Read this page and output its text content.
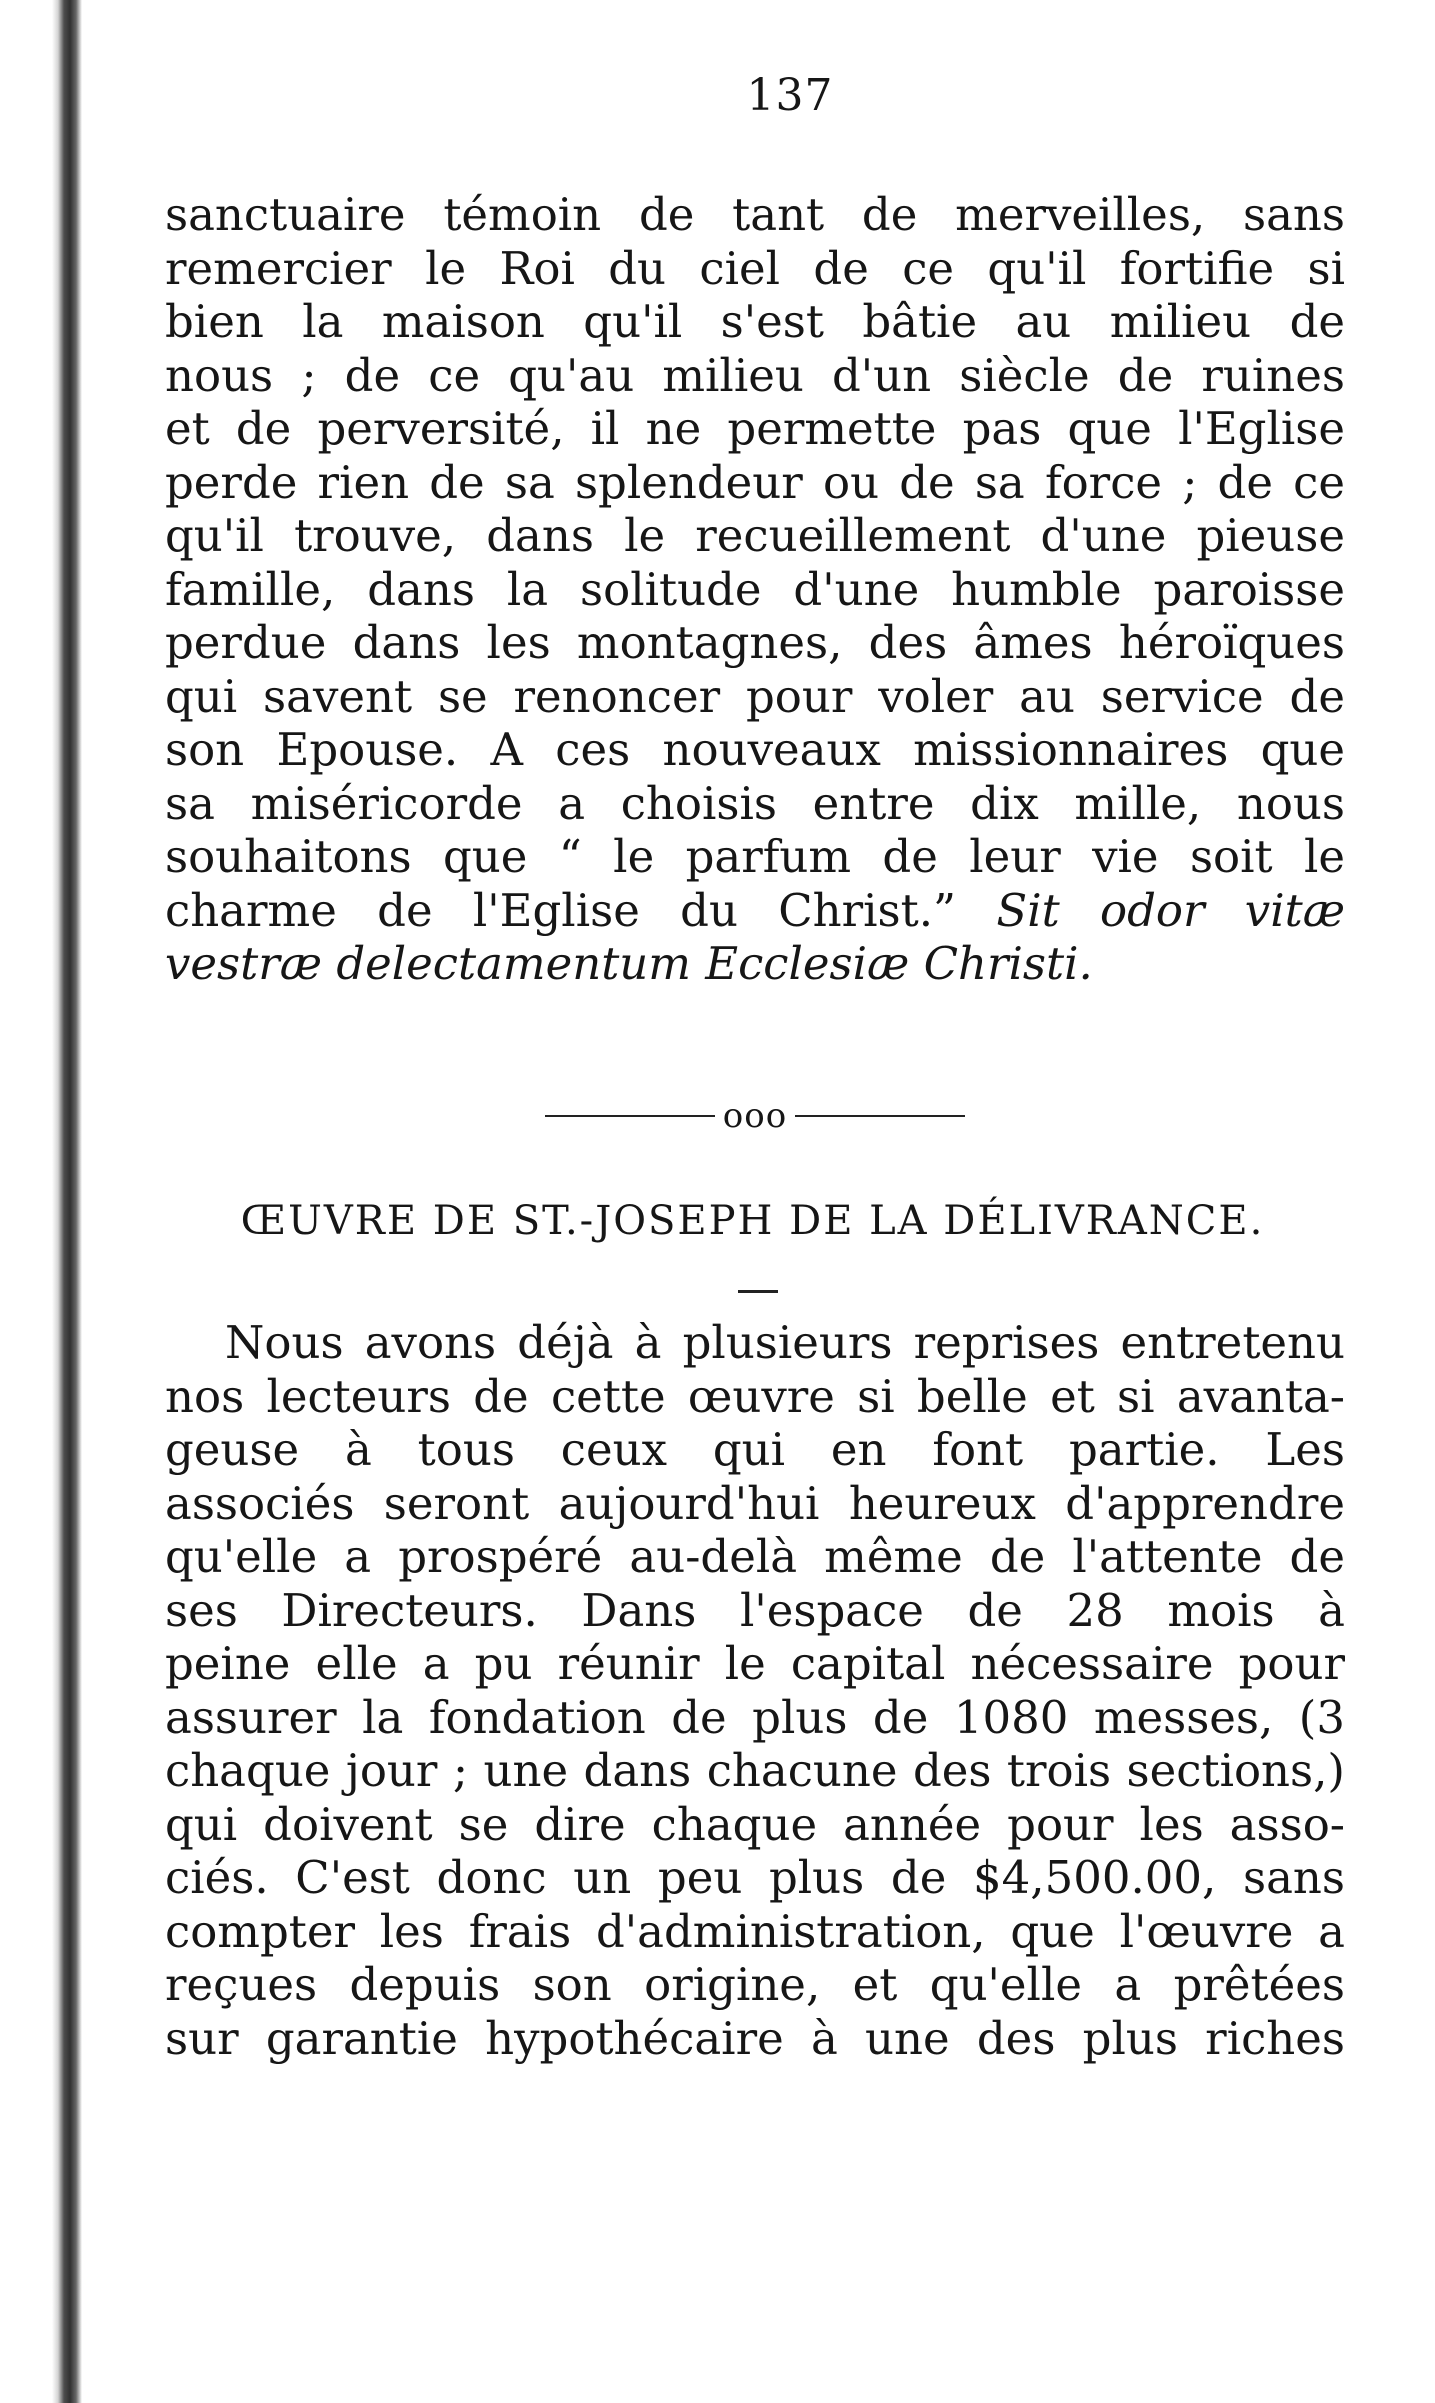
137
sanctuaire témoin de tant de merveilles, sans
remercier le Roi du ciel de ce qu'il fortifie si
bien la maison qu'il s'est bâtie au milieu de
nous ; de ce qu'au milieu d'un siècle de ruines
et de perversité, il ne permette pas que l'Eglise
perde rien de sa splendeur ou de sa force ; de ce
qu'il trouve, dans le recueillement d'une pieuse
famille, dans la solitude d'une humble paroisse
perdue dans les montagnes, des âmes héroïques
qui savent se renoncer pour voler au service de
son Epouse. A ces nouveaux missionnaires que
sa miséricorde a choisis entre dix mille, nous
souhaitons que “ le parfum de leur vie soit le
charme de l'Eglise du Christ.” Sit odor vitæ
vestræ delectamentum Ecclesiæ Christi.
ooo
ŒUVRE DE ST.-JOSEPH DE LA DÉLIVRANCE.
Nous avons déjà à plusieurs reprises entretenu
nos lecteurs de cette œuvre si belle et si avanta-
geuse à tous ceux qui en font partie. Les
associés seront aujourd'hui heureux d'apprendre
qu'elle a prospéré au-delà même de l'attente de
ses Directeurs. Dans l'espace de 28 mois à
peine elle a pu réunir le capital nécessaire pour
assurer la fondation de plus de 1080 messes, (3
chaque jour ; une dans chacune des trois sections,)
qui doivent se dire chaque année pour les asso-
ciés. C'est donc un peu plus de $4,500.00, sans
compter les frais d'administration, que l'œuvre a
reçues depuis son origine, et qu'elle a prêtées
sur garantie hypothécaire à une des plus riches
